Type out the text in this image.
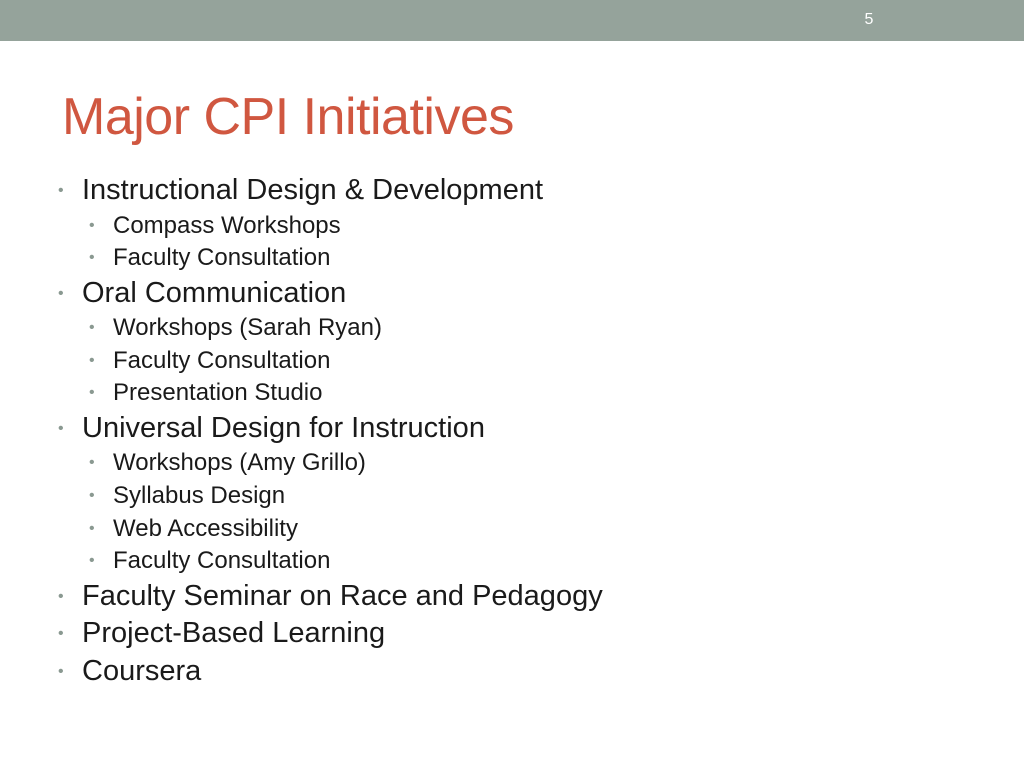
5
Major CPI Initiatives
• Instructional Design & Development
• Compass Workshops
• Faculty Consultation
• Oral Communication
• Workshops (Sarah Ryan)
• Faculty Consultation
• Presentation Studio
• Universal Design for Instruction
• Workshops (Amy Grillo)
• Syllabus Design
• Web Accessibility
• Faculty Consultation
• Faculty Seminar on Race and Pedagogy
• Project-Based Learning
• Coursera
